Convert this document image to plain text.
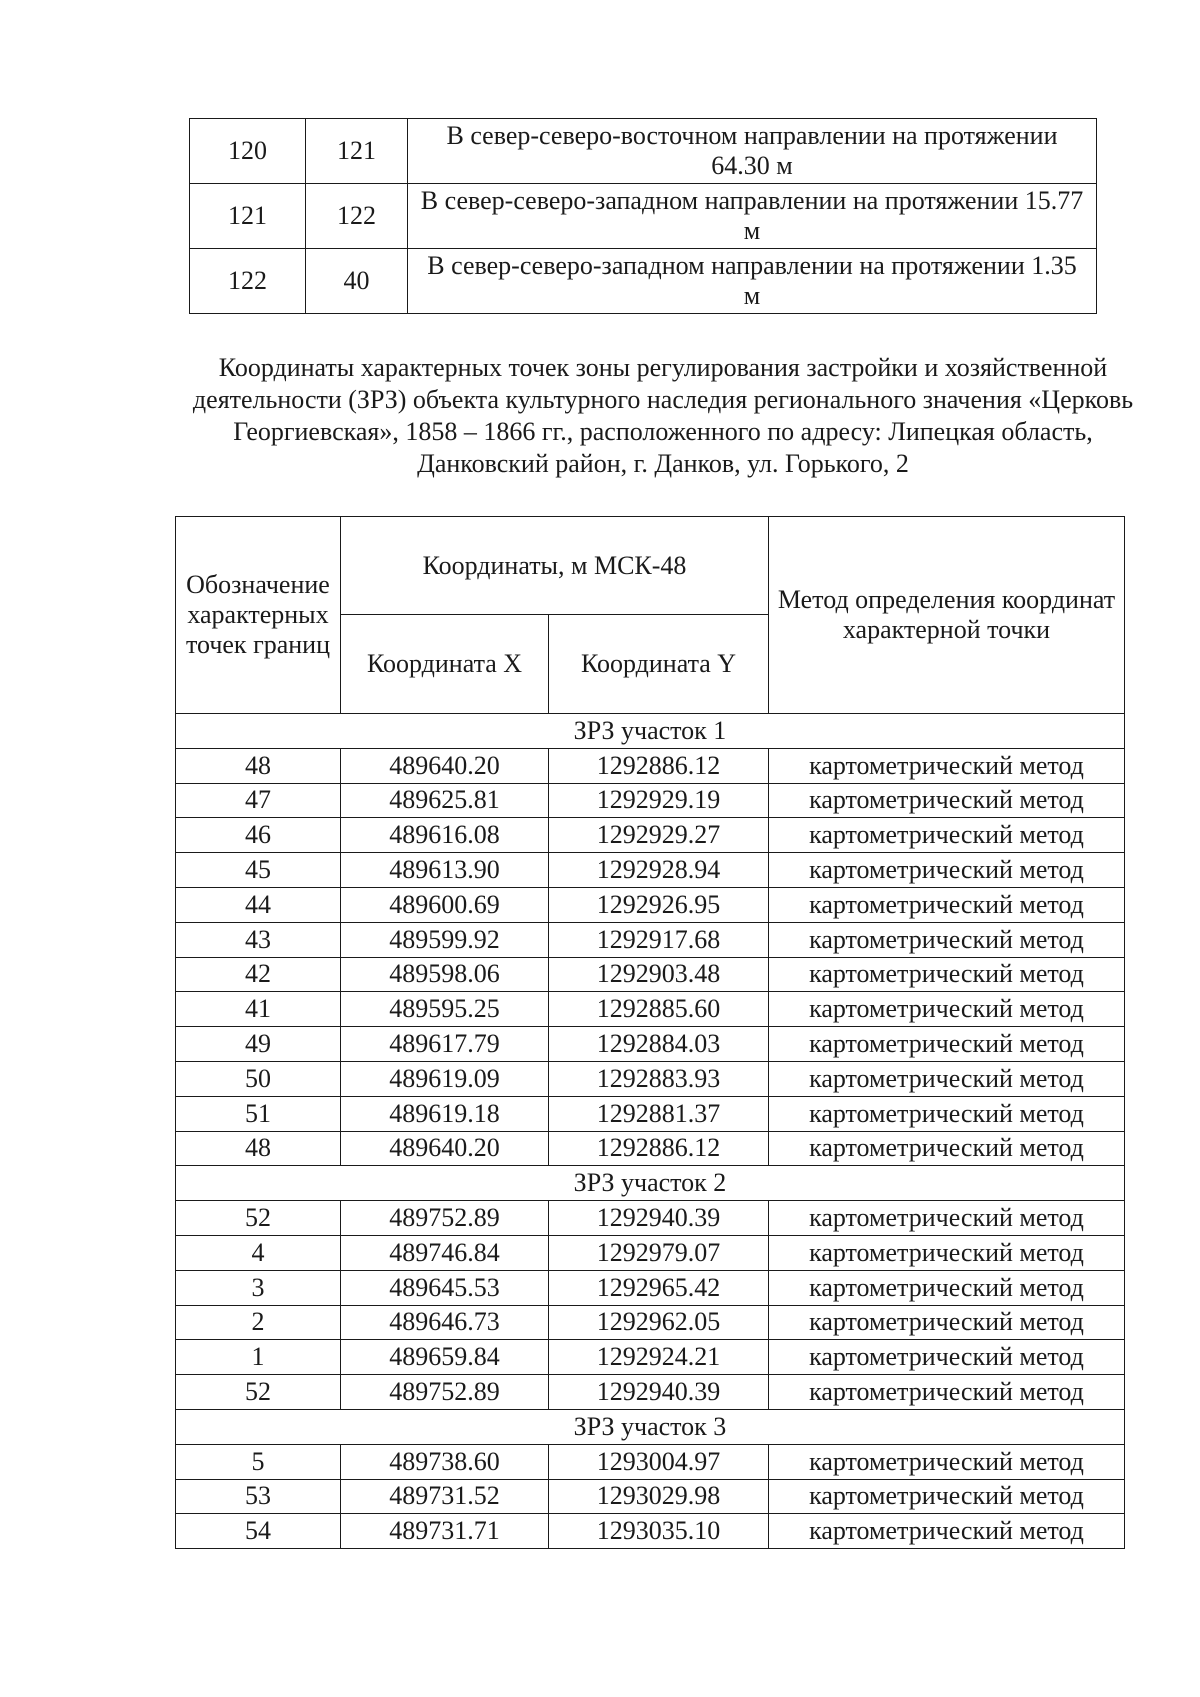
120	121	В север-северо-восточном направлении на протяжении 64.30 м
121	122	В север-северо-западном направлении на протяжении 15.77 м
122	40	В север-северо-западном направлении на протяжении 1.35 м
Координаты характерных точек зоны регулирования застройки и хозяйственной деятельности (ЗРЗ) объекта культурного наследия регионального значения «Церковь Георгиевская», 1858 – 1866 гг., расположенного по адресу: Липецкая область, Данковский район, г. Данков, ул. Горького, 2
Обозначение характерных точек границ	Координаты, м МСК-48		Метод определения координат характерной точки
	Координата X	Координата Y	
ЗРЗ участок 1			
48	489640.20	1292886.12	картометрический метод
47	489625.81	1292929.19	картометрический метод
46	489616.08	1292929.27	картометрический метод
45	489613.90	1292928.94	картометрический метод
44	489600.69	1292926.95	картометрический метод
43	489599.92	1292917.68	картометрический метод
42	489598.06	1292903.48	картометрический метод
41	489595.25	1292885.60	картометрический метод
49	489617.79	1292884.03	картометрический метод
50	489619.09	1292883.93	картометрический метод
51	489619.18	1292881.37	картометрический метод
48	489640.20	1292886.12	картометрический метод
ЗРЗ участок 2			
52	489752.89	1292940.39	картометрический метод
4	489746.84	1292979.07	картометрический метод
3	489645.53	1292965.42	картометрический метод
2	489646.73	1292962.05	картометрический метод
1	489659.84	1292924.21	картометрический метод
52	489752.89	1292940.39	картометрический метод
ЗРЗ участок 3			
5	489738.60	1293004.97	картометрический метод
53	489731.52	1293029.98	картометрический метод
54	489731.71	1293035.10	картометрический метод
